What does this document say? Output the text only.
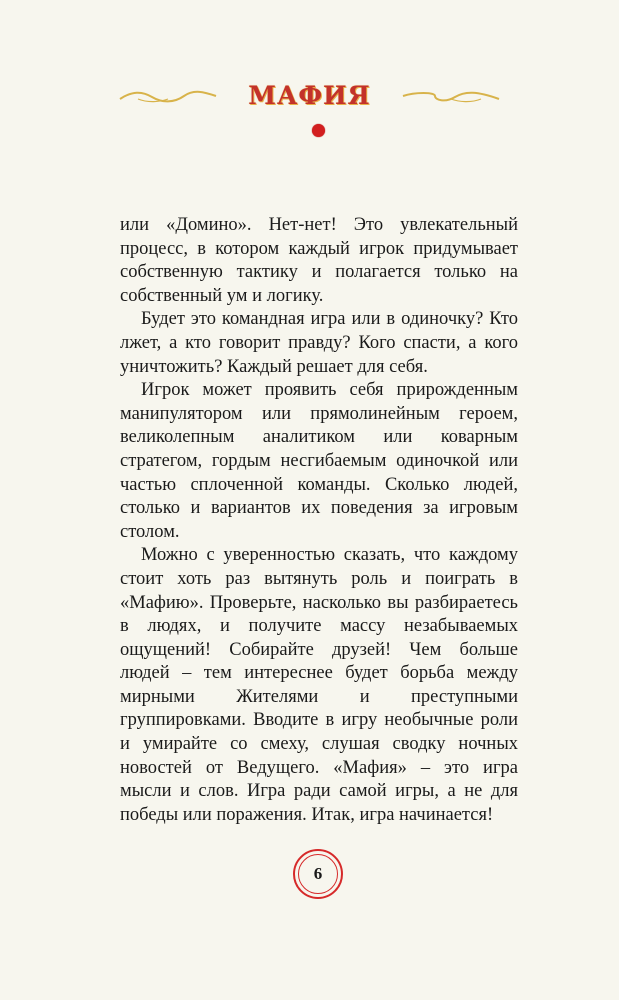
МАФИЯ

или «Домино». Нет-нет! Это увлекательный процесс, в котором каждый игрок придумывает собственную тактику и полагается только на собственный ум и логику.

Будет это командная игра или в одиночку? Кто лжет, а кто говорит правду? Кого спасти, а кого уничтожить? Каждый решает для себя.

Игрок может проявить себя прирожденным манипулятором или прямолинейным героем, великолепным аналитиком или коварным стратегом, гордым несгибаемым одиночкой или частью сплоченной команды. Сколько людей, столько и вариантов их поведения за игровым столом.

Можно с уверенностью сказать, что каждому стоит хоть раз вытянуть роль и поиграть в «Мафию». Проверьте, насколько вы разбираетесь в людях, и получите массу незабываемых ощущений! Собирайте друзей! Чем больше людей – тем интереснее будет борьба между мирными Жителями и преступными группировками. Вводите в игру необычные роли и умирайте со смеху, слушая сводку ночных новостей от Ведущего. «Мафия» – это игра мысли и слов. Игра ради самой игры, а не для победы или поражения. Итак, игра начинается!

6
